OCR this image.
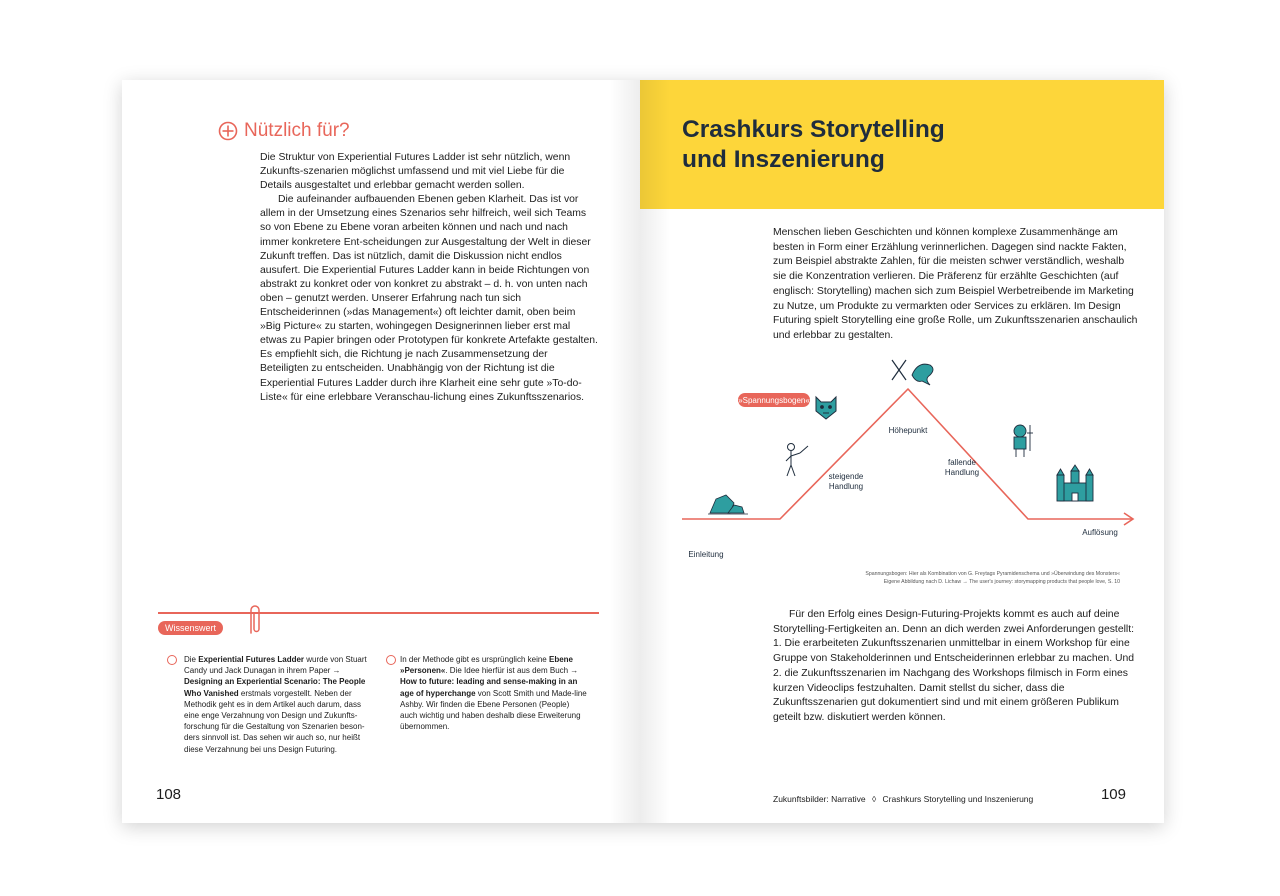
Nützlich für?

Die Struktur von Experiential Futures Ladder ist sehr nützlich, wenn Zukunfts-szenarien möglichst umfassend und mit viel Liebe für die Details ausgestaltet und erlebbar gemacht werden sollen.

Die aufeinander aufbauenden Ebenen geben Klarheit. Das ist vor allem in der Umsetzung eines Szenarios sehr hilfreich, weil sich Teams so von Ebene zu Ebene voran arbeiten können und nach und nach immer konkretere Ent-scheidungen zur Ausgestaltung der Welt in dieser Zukunft treffen. Das ist nützlich, damit die Diskussion nicht endlos ausufert. Die Experiential Futures Ladder kann in beide Richtungen von abstrakt zu konkret oder von konkret zu abstrakt – d. h. von unten nach oben – genutzt werden. Unserer Erfahrung nach tun sich Entscheiderinnen (»das Management«) oft leichter damit, oben beim »Big Picture« zu starten, wohingegen Designerinnen lieber erst mal etwas zu Papier bringen oder Prototypen für konkrete Artefakte gestalten. Es empfiehlt sich, die Richtung je nach Zusammensetzung der Beteiligten zu entscheiden. Unabhängig von der Richtung ist die Experiential Futures Ladder durch ihre Klarheit eine sehr gute »To-do-Liste« für eine erlebbare Veranschau-lichung eines Zukunftsszenarios.

Wissenswert
Die Experiential Futures Ladder wurde von Stuart Candy und Jack Dunagan in ihrem Paper → Designing an Experiential Scenario: The People Who Vanished erstmals vorgestellt. Neben der Methodik geht es in dem Artikel auch darum, dass eine enge Verzahnung von Design und Zukunfts-forschung für die Gestaltung von Szenarien beson-ders sinnvoll ist. Das sehen wir auch so, nur heißt diese Verzahnung bei uns Design Futuring.
In der Methode gibt es ursprünglich keine Ebene »Personen«. Die Idee hierfür ist aus dem Buch → How to future: leading and sense-making in an age of hyperchange von Scott Smith und Made-line Ashby. Wir finden die Ebene Personen (People) auch wichtig und haben deshalb diese Erweiterung übernommen.
108
Crashkurs Storytelling
und Inszenierung

Menschen lieben Geschichten und können komplexe Zusammenhänge am besten in Form einer Erzählung verinnerlichen. Dagegen sind nackte Fakten, zum Beispiel abstrakte Zahlen, für die meisten schwer verständlich, weshalb sie die Konzentration verlieren. Die Präferenz für erzählte Geschichten (auf englisch: Storytelling) machen sich zum Beispiel Werbetreibende im Marketing zu Nutze, um Produkte zu vermarkten oder Services zu erklären. Im Design Futuring spielt Storytelling eine große Rolle, um Zukunftsszenarien anschaulich und erlebbar zu gestalten.

»Spannungsbogen«
Einleitung
steigende
Handlung
Höhepunkt
fallende
Handlung
Auflösung
Spannungsbogen: Hier als Kombination von G. Freytags Pyramidenschema und »Überwindung des Monsters«
Eigene Abbildung nach D. Lichaw → The user's journey: storymapping products that people love, S. 10

Für den Erfolg eines Design-Futuring-Projekts kommt es auch auf deine Storytelling-Fertigkeiten an. Denn an dich werden zwei Anforderungen gestellt: 1. Die erarbeiteten Zukunftsszenarien unmittelbar in einem Workshop für eine Gruppe von Stakeholderinnen und Entscheiderinnen erlebbar zu machen. Und 2. die Zukunftsszenarien im Nachgang des Workshops filmisch in Form eines kurzen Videoclips festzuhalten. Damit stellst du sicher, dass die Zukunftsszenarien gut dokumentiert sind und mit einem größeren Publikum geteilt bzw. diskutiert werden können.

Zukunftsbilder: Narrative ◊ Crashkurs Storytelling und Inszenierung	109
